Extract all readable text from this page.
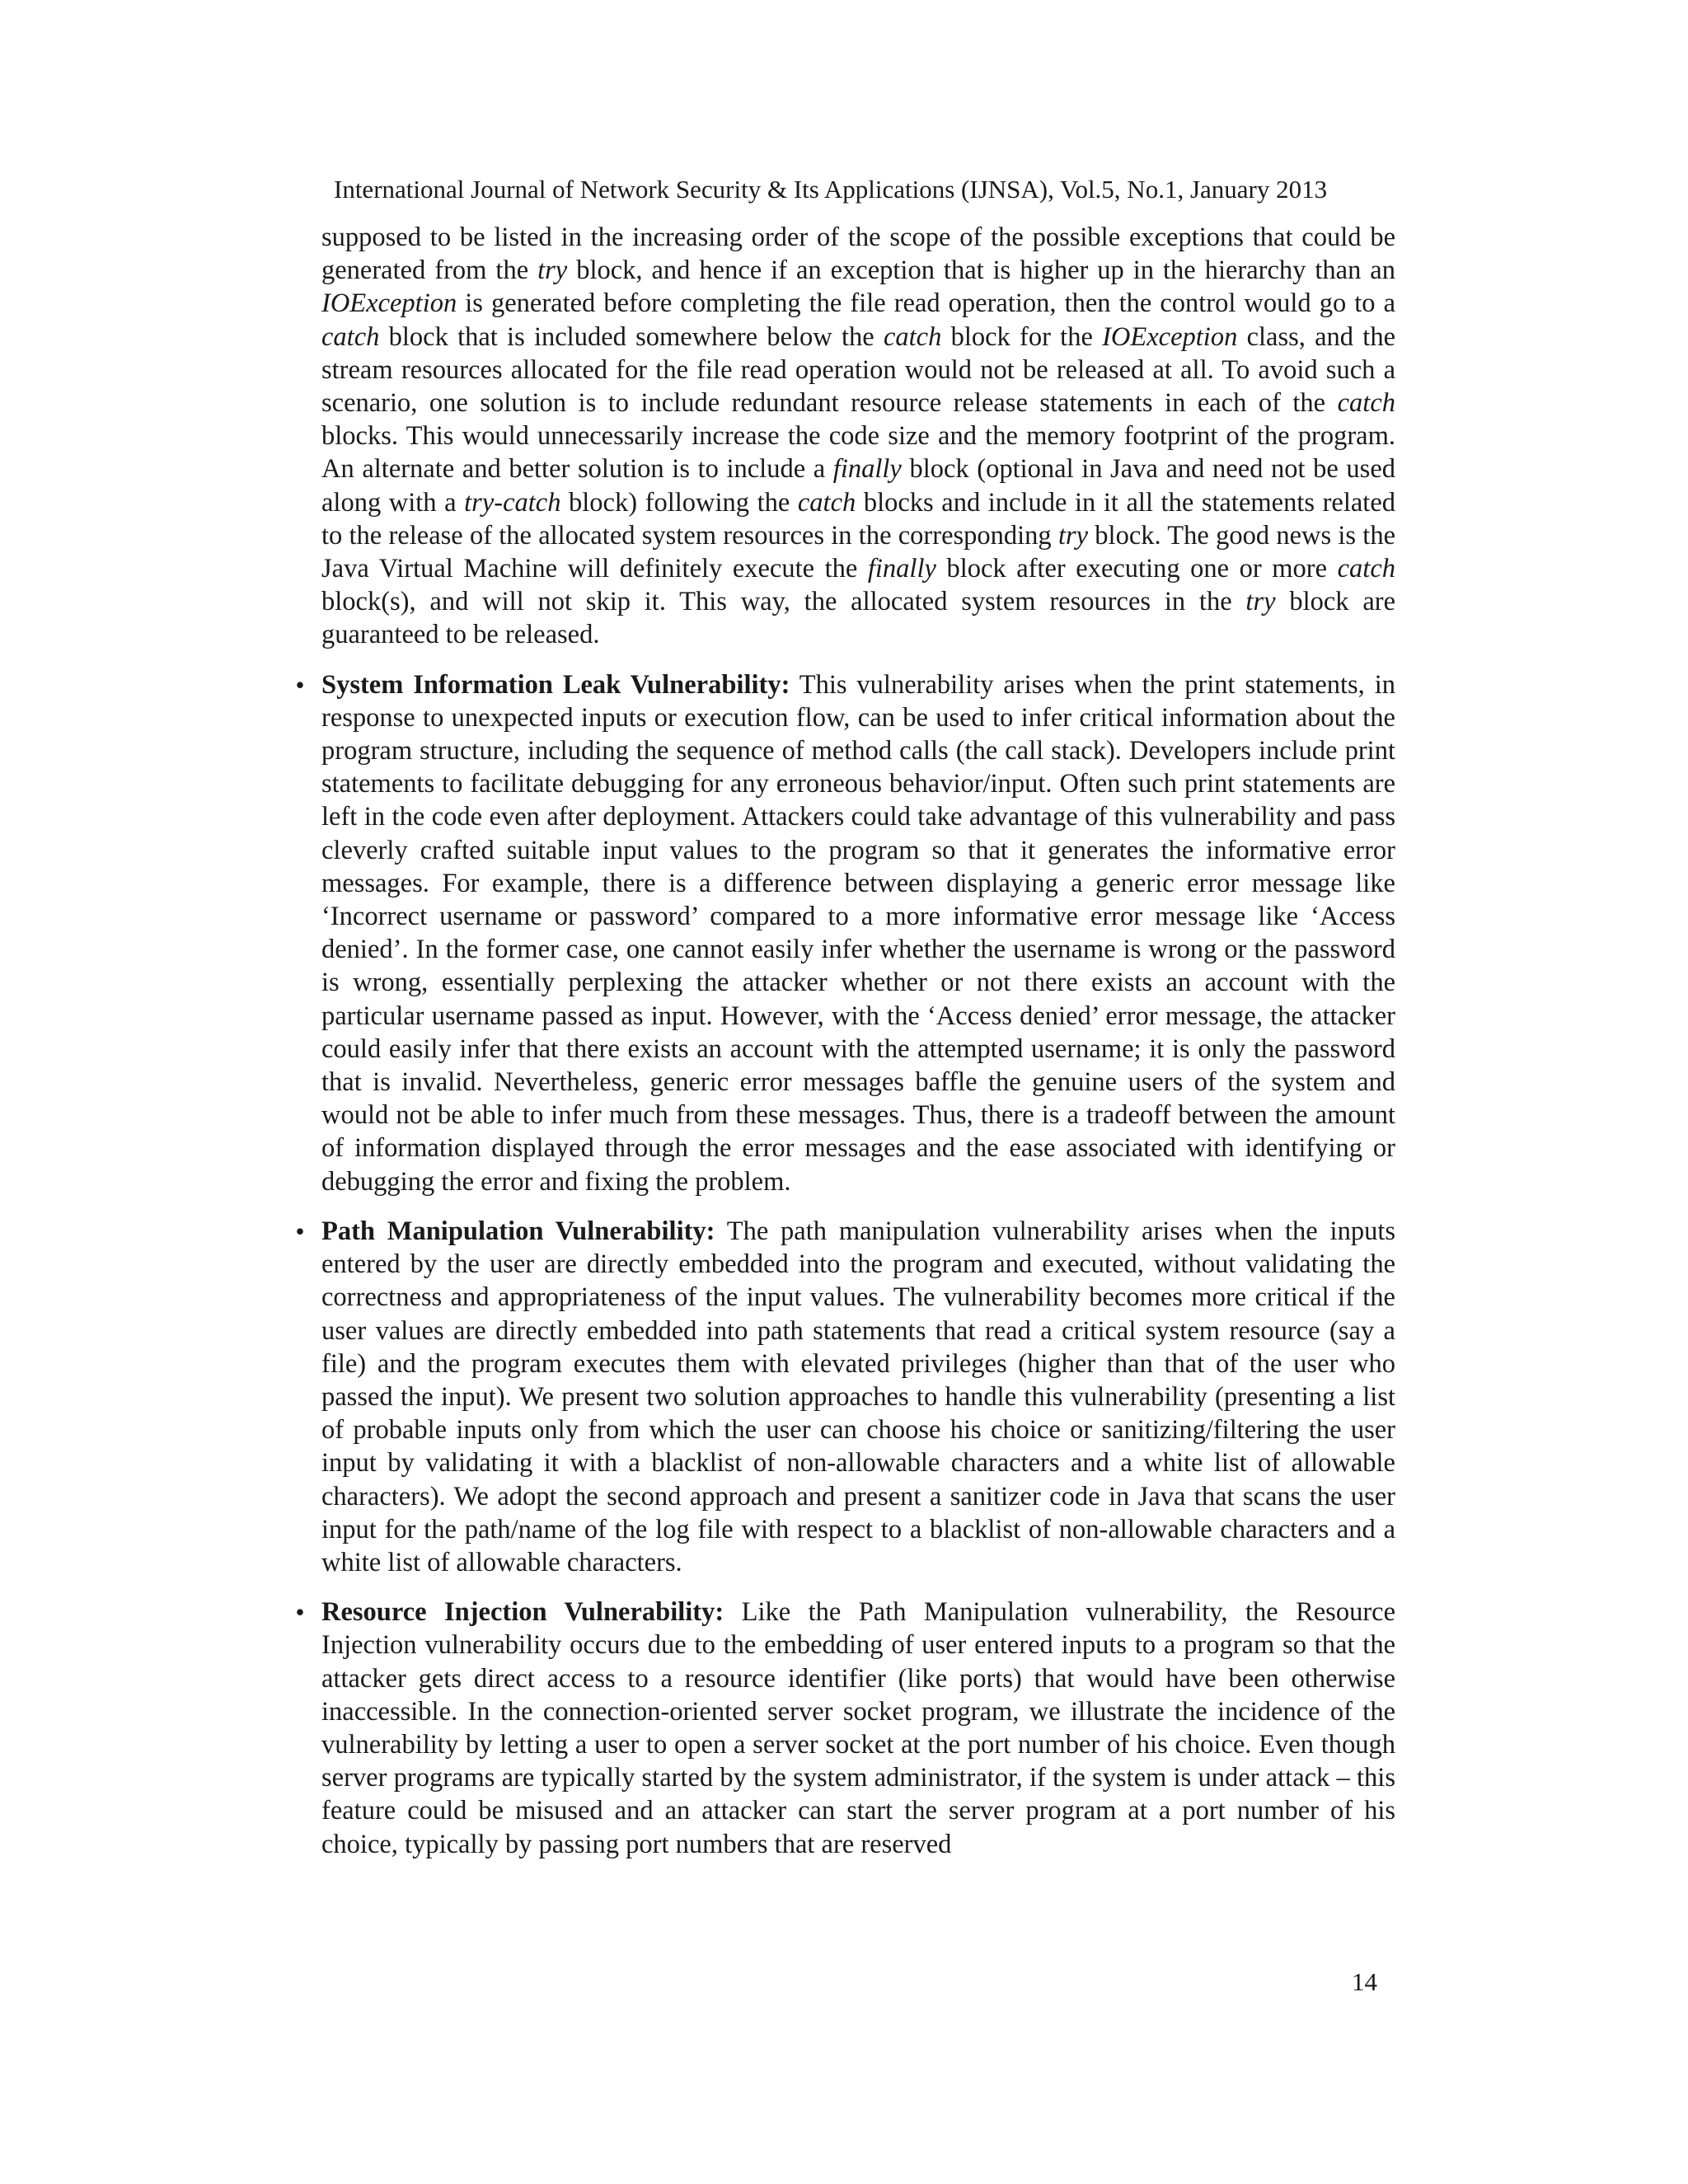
International Journal of Network Security & Its Applications (IJNSA), Vol.5, No.1, January 2013

supposed to be listed in the increasing order of the scope of the possible exceptions that could be generated from the try block, and hence if an exception that is higher up in the hierarchy than an IOException is generated before completing the file read operation, then the control would go to a catch block that is included somewhere below the catch block for the IOException class, and the stream resources allocated for the file read operation would not be released at all. To avoid such a scenario, one solution is to include redundant resource release statements in each of the catch blocks. This would unnecessarily increase the code size and the memory footprint of the program. An alternate and better solution is to include a finally block (optional in Java and need not be used along with a try-catch block) following the catch blocks and include in it all the statements related to the release of the allocated system resources in the corresponding try block. The good news is the Java Virtual Machine will definitely execute the finally block after executing one or more catch block(s), and will not skip it. This way, the allocated system resources in the try block are guaranteed to be released.

• System Information Leak Vulnerability: This vulnerability arises when the print statements, in response to unexpected inputs or execution flow, can be used to infer critical information about the program structure, including the sequence of method calls (the call stack). Developers include print statements to facilitate debugging for any erroneous behavior/input. Often such print statements are left in the code even after deployment. Attackers could take advantage of this vulnerability and pass cleverly crafted suitable input values to the program so that it generates the informative error messages. For example, there is a difference between displaying a generic error message like ‘Incorrect username or password’ compared to a more informative error message like ‘Access denied’. In the former case, one cannot easily infer whether the username is wrong or the password is wrong, essentially perplexing the attacker whether or not there exists an account with the particular username passed as input. However, with the ‘Access denied’ error message, the attacker could easily infer that there exists an account with the attempted username; it is only the password that is invalid. Nevertheless, generic error messages baffle the genuine users of the system and would not be able to infer much from these messages. Thus, there is a tradeoff between the amount of information displayed through the error messages and the ease associated with identifying or debugging the error and fixing the problem.

• Path Manipulation Vulnerability: The path manipulation vulnerability arises when the inputs entered by the user are directly embedded into the program and executed, without validating the correctness and appropriateness of the input values. The vulnerability becomes more critical if the user values are directly embedded into path statements that read a critical system resource (say a file) and the program executes them with elevated privileges (higher than that of the user who passed the input). We present two solution approaches to handle this vulnerability (presenting a list of probable inputs only from which the user can choose his choice or sanitizing/filtering the user input by validating it with a blacklist of non-allowable characters and a white list of allowable characters). We adopt the second approach and present a sanitizer code in Java that scans the user input for the path/name of the log file with respect to a blacklist of non-allowable characters and a white list of allowable characters.

• Resource Injection Vulnerability: Like the Path Manipulation vulnerability, the Resource Injection vulnerability occurs due to the embedding of user entered inputs to a program so that the attacker gets direct access to a resource identifier (like ports) that would have been otherwise inaccessible. In the connection-oriented server socket program, we illustrate the incidence of the vulnerability by letting a user to open a server socket at the port number of his choice. Even though server programs are typically started by the system administrator, if the system is under attack – this feature could be misused and an attacker can start the server program at a port number of his choice, typically by passing port numbers that are reserved

14
